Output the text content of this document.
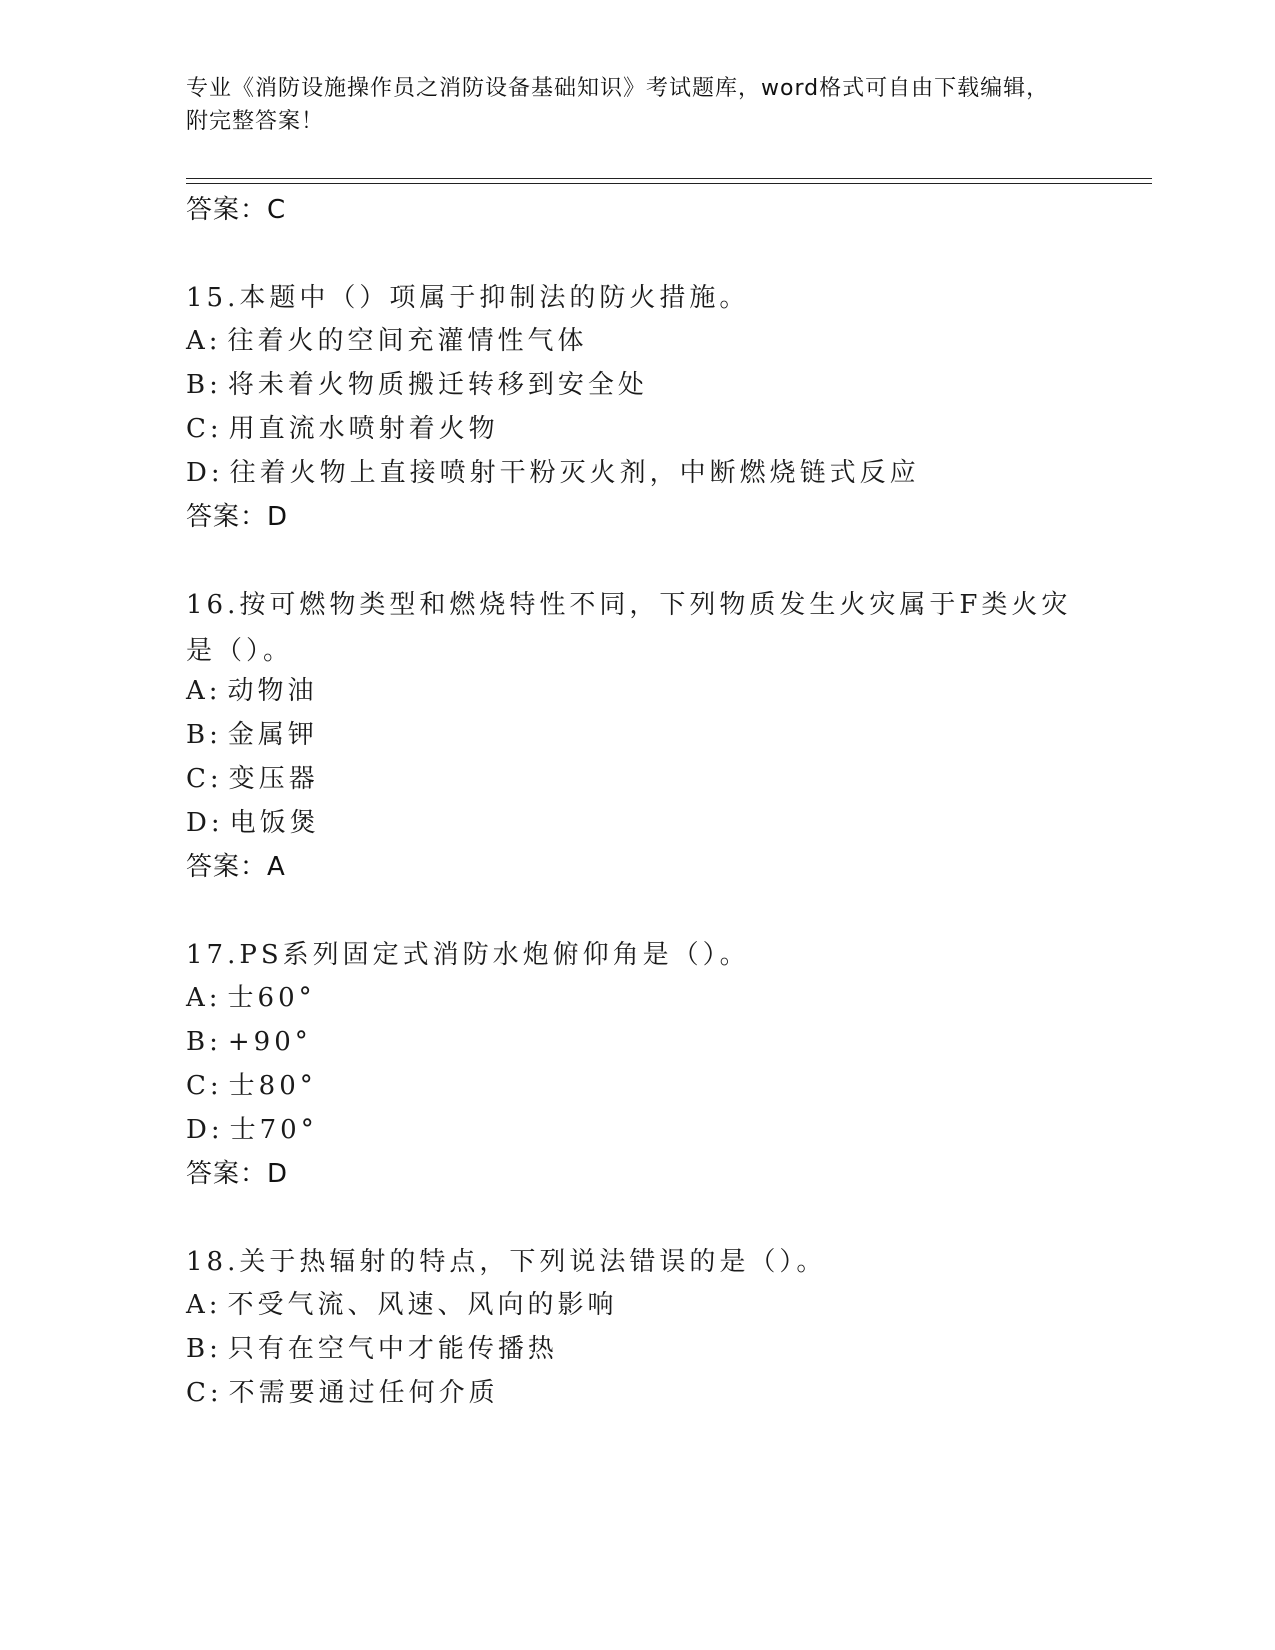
专业《消防设施操作员之消防设备基础知识》考试题库，word格式可自由下载编辑，附完整答案！
答案：C
15.本题中（）项属于抑制法的防火措施。
A: 往着火的空间充灌情性气体
B: 将未着火物质搬迁转移到安全处
C: 用直流水喷射着火物
D: 往着火物上直接喷射干粉灭火剂，中断燃烧链式反应
答案：D
16.按可燃物类型和燃烧特性不同，下列物质发生火灾属于F类火灾是（）。
A: 动物油
B: 金属钾
C: 变压器
D: 电饭煲
答案：A
17.PS系列固定式消防水炮俯仰角是（）。
A: 士60°
B: +90°
C: 士80°
D: 士70°
答案：D
18.关于热辐射的特点，下列说法错误的是（）。
A: 不受气流、风速、风向的影响
B: 只有在空气中才能传播热
C: 不需要通过任何介质
